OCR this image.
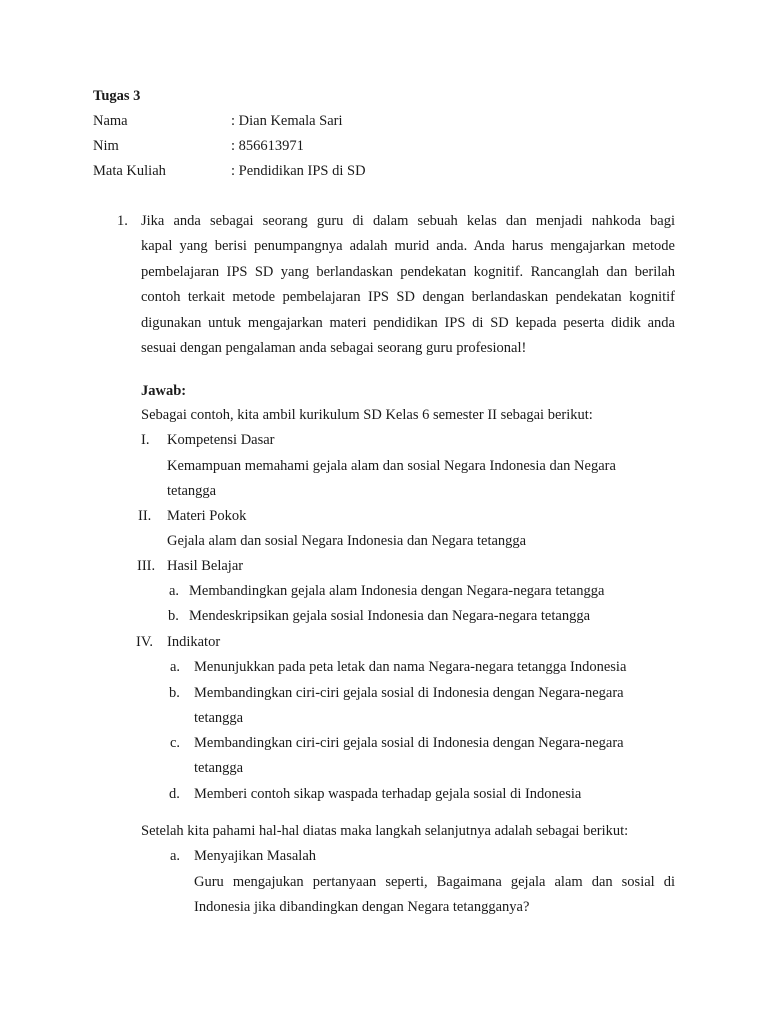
Tugas 3
Nama	: Dian Kemala Sari
Nim	: 856613971
Mata Kuliah	: Pendidikan IPS di SD
1. Jika anda sebagai seorang guru di dalam sebuah kelas dan menjadi nahkoda bagi
kapal yang berisi penumpangnya adalah murid anda. Anda harus mengajarkan metode
pembelajaran IPS SD yang berlandaskan pendekatan kognitif. Rancanglah dan berilah
contoh terkait metode pembelajaran IPS SD dengan berlandaskan pendekatan kognitif
digunakan untuk mengajarkan materi pendidikan IPS di SD kepada peserta didik anda
sesuai dengan pengalaman anda sebagai seorang guru profesional!
Jawab:
Sebagai contoh, kita ambil kurikulum SD Kelas 6 semester II sebagai berikut:
I. Kompetensi Dasar
Kemampuan memahami gejala alam dan sosial Negara Indonesia dan Negara
tetangga
II. Materi Pokok
Gejala alam dan sosial Negara Indonesia dan Negara tetangga
III. Hasil Belajar
a. Membandingkan gejala alam Indonesia dengan Negara-negara tetangga
b. Mendeskripsikan gejala sosial Indonesia dan Negara-negara tetangga
IV. Indikator
a. Menunjukkan pada peta letak dan nama Negara-negara tetangga Indonesia
b. Membandingkan ciri-ciri gejala sosial di Indonesia dengan Negara-negara
tetangga
c. Membandingkan ciri-ciri gejala sosial di Indonesia dengan Negara-negara
tetangga
d. Memberi contoh sikap waspada terhadap gejala sosial di Indonesia
Setelah kita pahami hal-hal diatas maka langkah selanjutnya adalah sebagai berikut:
a. Menyajikan Masalah
Guru mengajukan pertanyaan seperti, Bagaimana gejala alam dan sosial di
Indonesia jika dibandingkan dengan Negara tetangganya?
